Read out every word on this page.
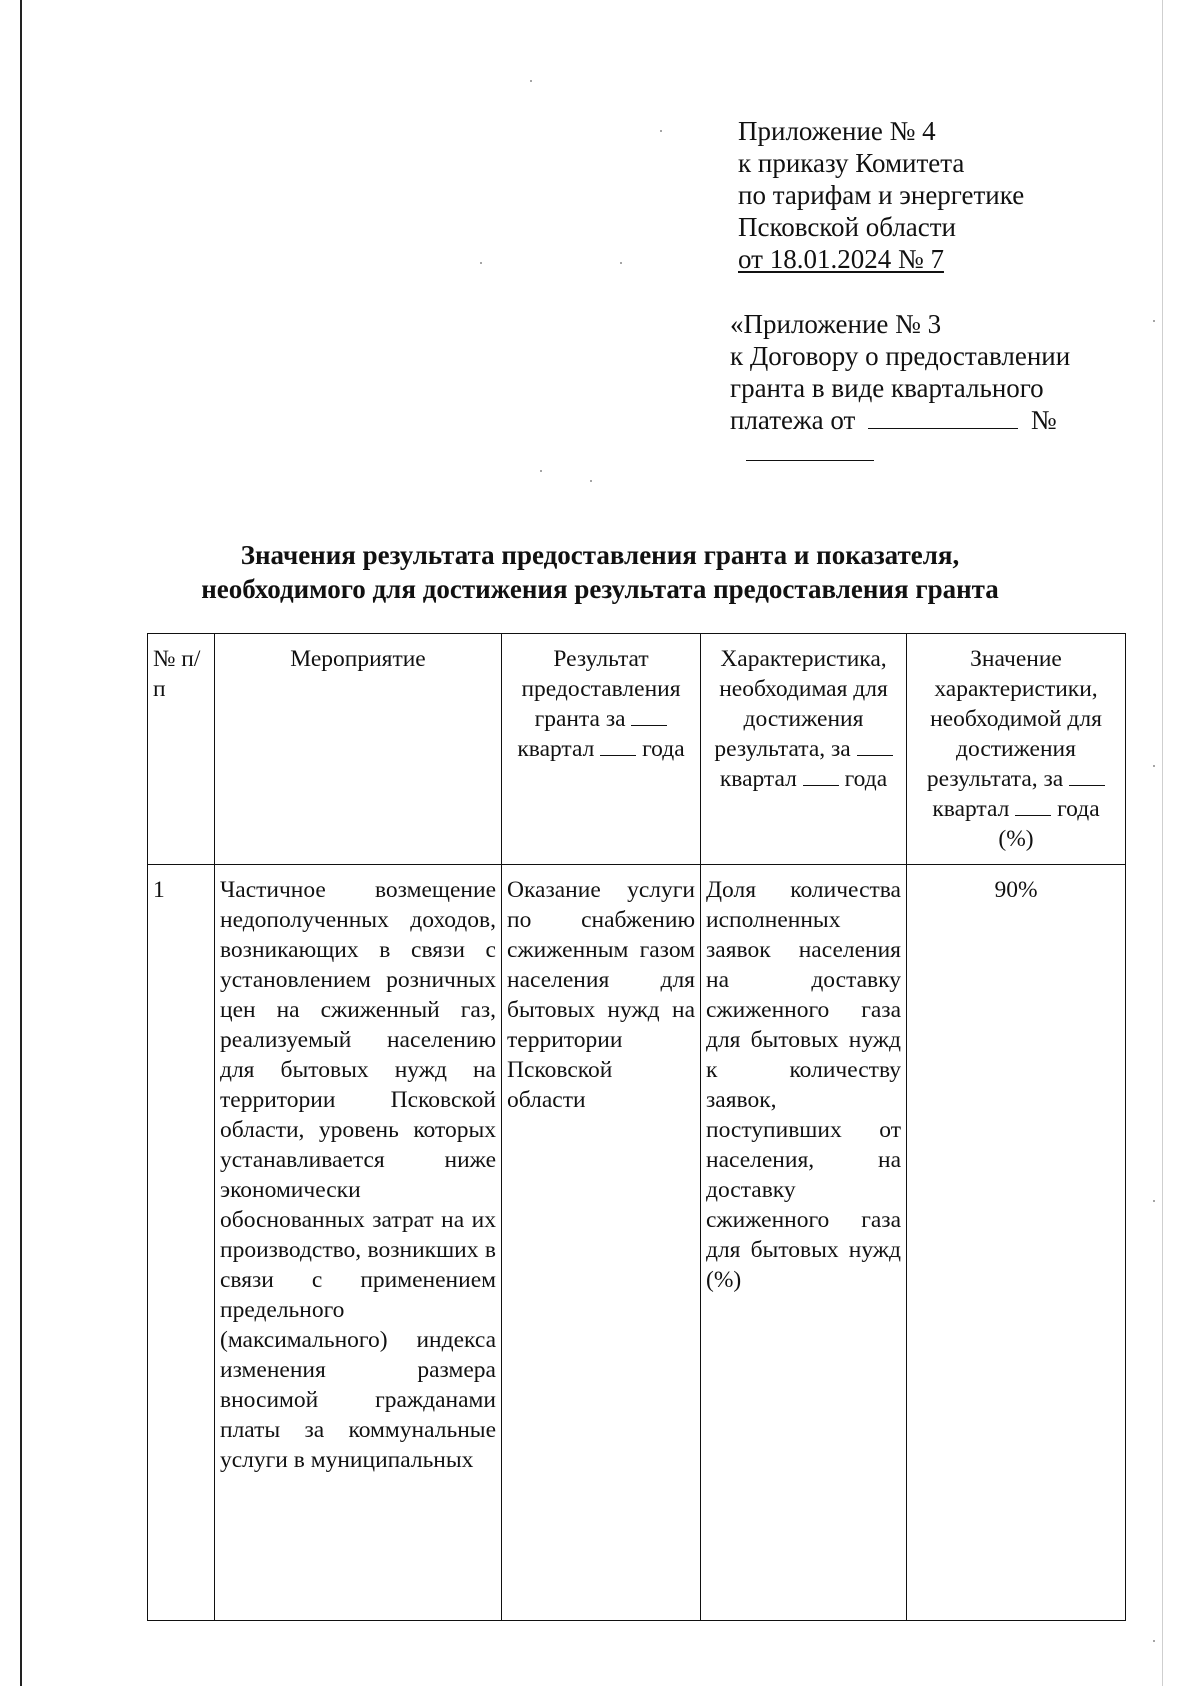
Приложение № 4
к приказу Комитета
по тарифам и энергетике
Псковской области
от 18.01.2024 № 7
«Приложение № 3
к Договору о предоставлении
гранта в виде квартального
платежа от	№
Значения результата предоставления гранта и показателя,
необходимого для достижения результата предоставления гранта
№ п/п	Мероприятие	Результат предоставления гранта за  квартал года	Характеристика, необходимая для достижения результата, за  квартал года	Значение характеристики, необходимой для достижения результата, за  квартал года (%)
1	Частичное возмещение недополученных доходов, возникающих в связи с установлением розничных цен на сжиженный газ, реализуемый населению для бытовых нужд на территории Псковской области, уровень которых устанавливается ниже экономически обоснованных затрат на их производство, возникших в связи с применением предельного (максимального) индекса изменения размера вносимой гражданами платы за коммунальные услуги в муниципальных	Оказание услуги по снабжению сжиженным газом населения для бытовых нужд на территории Псковской области	Доля количества исполненных заявок населения на доставку сжиженного газа для бытовых нужд к количеству заявок, поступивших от населения, на доставку сжиженного газа для бытовых нужд (%)	90%
